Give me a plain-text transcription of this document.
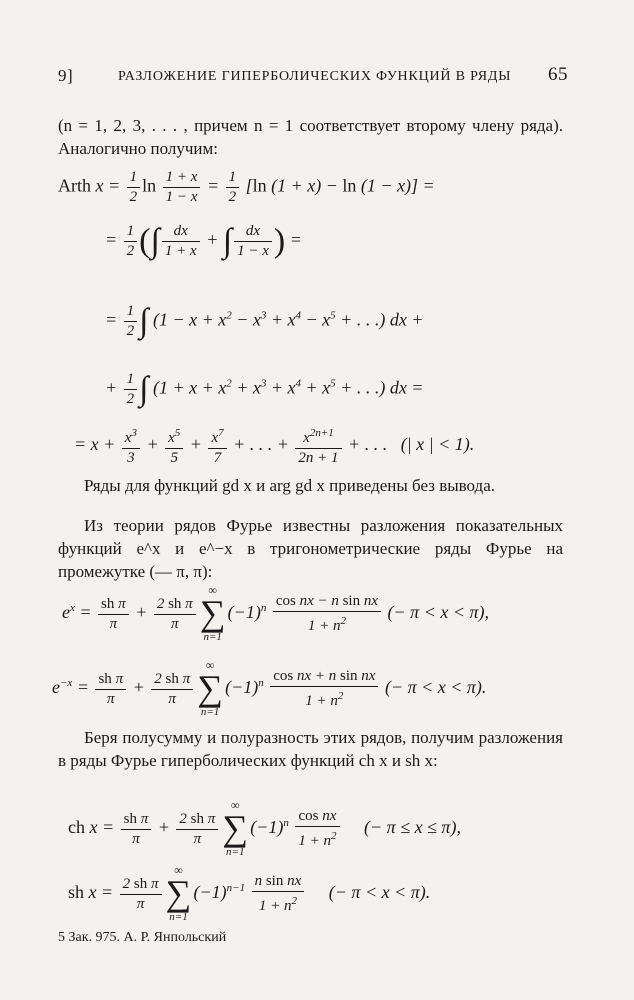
9]	РАЗЛОЖЕНИЕ ГИПЕРБОЛИЧЕСКИХ ФУНКЦИЙ В РЯДЫ 65
(n = 1, 2, 3, . . . , причем n = 1 соответствует второму члену ряда). Аналогично получим:
Arth $x = \frac{1}{2}$ $\ln \frac{1 + x}{1 - x} = \frac{1}{2} [\ln$ (1 + x) − ln (1 − x)] =
= $\frac{1}{2}$ (∫ $\frac{dx}{1 + x}$ + ∫ $\frac{dx}{1 - x}$ ) =
= $\frac{1}{2}$ ∫ ($1 - x + x^2 - x^3 + x^4 - x^5$ + . . .) dx +
+ $\frac{1}{2}$ ∫ ($1 + x + x^2 + x^3 + x^4 + x^5$ + . . .) dx =
= $x + \frac{x^3}{3} + \frac{x^5}{5} + \frac{x^7}{7}$ + . . . + $\frac{x^{2n+1}}{2n + 1}$ + . . .   (| x | < 1).
Ряды для функций gd x и arg gd x приведены без вывода.
Из теории рядов Фурье известны разложения показательных функций e^x и e^−x в тригонометрические ряды Фурье на промежутке (— π, π):
$e^x = \frac{\text{sh π}}{\pi} + \frac{\text{2 sh π}}{\pi}$
∞
∑
n=1
$(-1)^n \frac{\text{cos nx − n sin nx}}{1 + n^2}$ (− π < x < π),
$e^{-x} = \frac{\text{sh π}}{\pi} + \frac{\text{2 sh π}}{\pi}$
∞
∑
n=1
$(-1)^n \frac{\text{cos nx + n sin nx}}{1 + n^2}$ (− π < x < π).
Беря полусумму и полуразность этих рядов, получим разложения в ряды Фурье гиперболических функций ch x и sh x:
ch $x = \frac{\text{sh π}}{\pi} + \frac{\text{2 sh π}}{\pi}$
∞
∑
n=1
$(-1)^n \frac{\text{cos nx}}{1 + n^2}$ (− π ≤ x ≤ π),
sh $x = \frac{\text{2 sh π}}{\pi}$
∞
∑
n=1
$(-1)^{n-1} \frac{\text{n sin nx}}{1 + n^2}$ (− π < x < π).
5 Зак. 975. А. Р. Янпольский
